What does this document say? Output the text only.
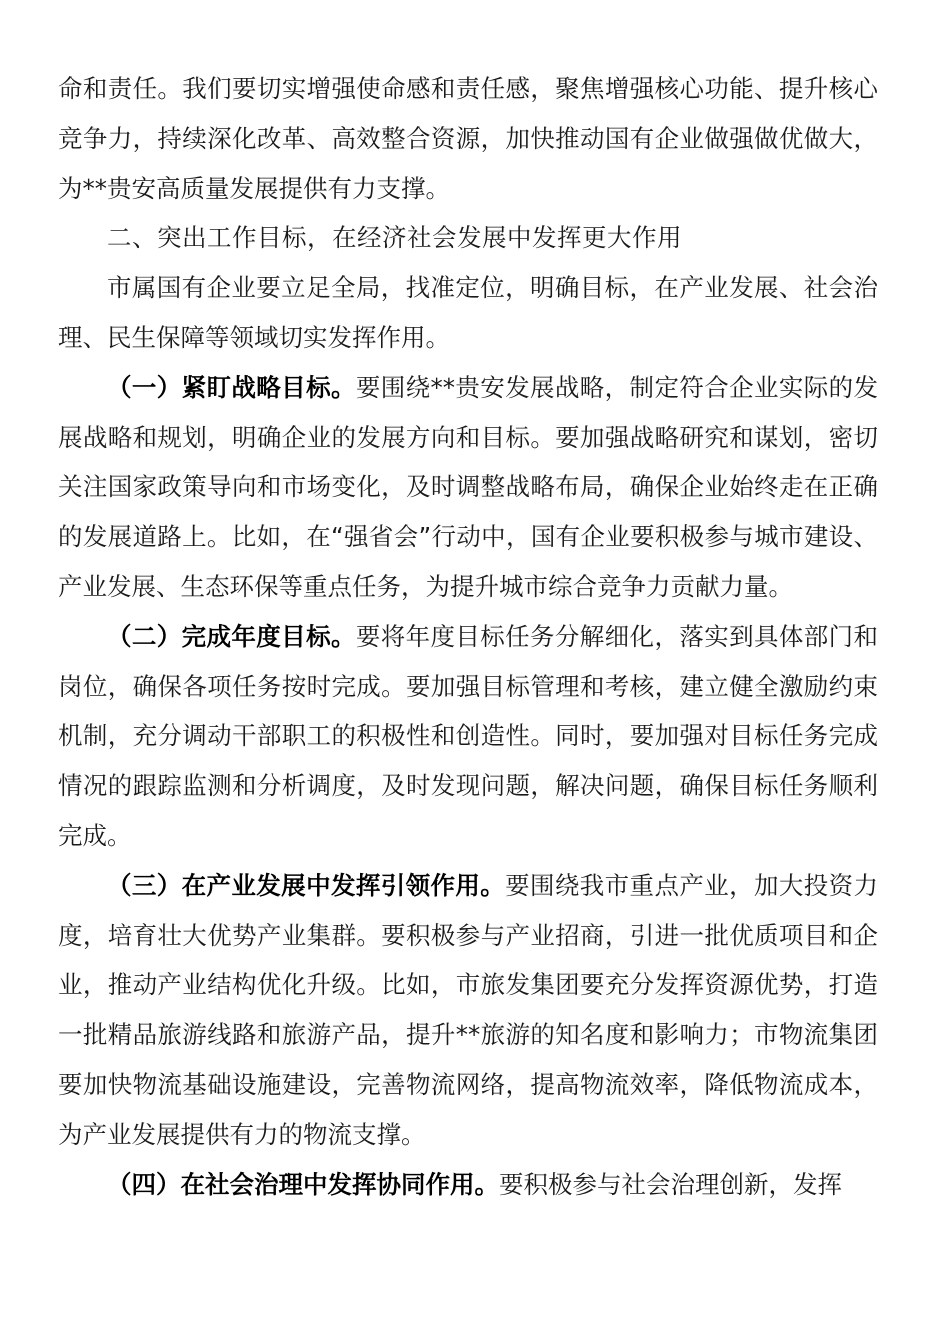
命和责任。我们要切实增强使命感和责任感，聚焦增强核心功能、提升核心竞争力，持续深化改革、高效整合资源，加快推动国有企业做强做优做大，为**贵安高质量发展提供有力支撑。

二、突出工作目标，在经济社会发展中发挥更大作用

市属国有企业要立足全局，找准定位，明确目标，在产业发展、社会治理、民生保障等领域切实发挥作用。

（一）紧盯战略目标。要围绕**贵安发展战略，制定符合企业实际的发展战略和规划，明确企业的发展方向和目标。要加强战略研究和谋划，密切关注国家政策导向和市场变化，及时调整战略布局，确保企业始终走在正确的发展道路上。比如，在“强省会”行动中，国有企业要积极参与城市建设、产业发展、生态环保等重点任务，为提升城市综合竞争力贡献力量。

（二）完成年度目标。要将年度目标任务分解细化，落实到具体部门和岗位，确保各项任务按时完成。要加强目标管理和考核，建立健全激励约束机制，充分调动干部职工的积极性和创造性。同时，要加强对目标任务完成情况的跟踪监测和分析调度，及时发现问题，解决问题，确保目标任务顺利完成。

（三）在产业发展中发挥引领作用。要围绕我市重点产业，加大投资力度，培育壮大优势产业集群。要积极参与产业招商，引进一批优质项目和企业，推动产业结构优化升级。比如，市旅发集团要充分发挥资源优势，打造一批精品旅游线路和旅游产品，提升**旅游的知名度和影响力；市物流集团要加快物流基础设施建设，完善物流网络，提高物流效率，降低物流成本，为产业发展提供有力的物流支撑。

（四）在社会治理中发挥协同作用。要积极参与社会治理创新，发挥
